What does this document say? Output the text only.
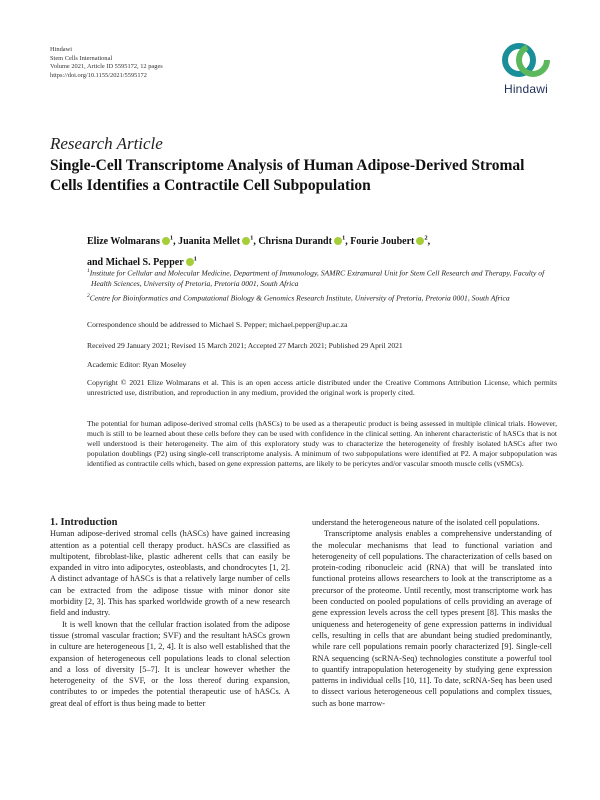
Hindawi
Stem Cells International
Volume 2021, Article ID 5595172, 12 pages
https://doi.org/10.1155/2021/5595172
Hindawi
Research Article
Single-Cell Transcriptome Analysis of Human Adipose-Derived Stromal Cells Identifies a Contractile Cell Subpopulation
Elize Wolmarans $^1$, Juanita Mellet $^1$, Chrisna Durandt $^1$, Fourie Joubert $^2$,
and Michael S. Pepper $^1$
$^1$Institute for Cellular and Molecular Medicine, Department of Immunology, SAMRC Extramural Unit for Stem Cell Research and Therapy, Faculty of Health Sciences, University of Pretoria, Pretoria 0001, South Africa
$^2$Centre for Bioinformatics and Computational Biology & Genomics Research Institute, University of Pretoria, Pretoria 0001, South Africa
Correspondence should be addressed to Michael S. Pepper; michael.pepper@up.ac.za
Received 29 January 2021; Revised 15 March 2021; Accepted 27 March 2021; Published 29 April 2021
Academic Editor: Ryan Moseley
Copyright © 2021 Elize Wolmarans et al. This is an open access article distributed under the Creative Commons Attribution License, which permits unrestricted use, distribution, and reproduction in any medium, provided the original work is properly cited.
The potential for human adipose-derived stromal cells (hASCs) to be used as a therapeutic product is being assessed in multiple clinical trials. However, much is still to be learned about these cells before they can be used with confidence in the clinical setting. An inherent characteristic of hASCs that is not well understood is their heterogeneity. The aim of this exploratory study was to characterize the heterogeneity of freshly isolated hASCs after two population doublings (P2) using single-cell transcriptome analysis. A minimum of two subpopulations were identified at P2. A major subpopulation was identified as contractile cells which, based on gene expression patterns, are likely to be pericytes and/or vascular smooth muscle cells (vSMCs).

1. Introduction

Human adipose-derived stromal cells (hASCs) have gained increasing attention as a potential cell therapy product. hASCs are classified as multipotent, fibroblast-like, plastic adherent cells that can easily be expanded in vitro into adipocytes, osteoblasts, and chondrocytes [1, 2]. A distinct advantage of hASCs is that a relatively large number of cells can be extracted from the adipose tissue with minor donor site morbidity [2, 3]. This has sparked worldwide growth of a new research field and industry.

It is well known that the cellular fraction isolated from the adipose tissue (stromal vascular fraction; SVF) and the resultant hASCs grown in culture are heterogeneous [1, 2, 4]. It is also well established that the expansion of heterogeneous cell populations leads to clonal selection and a loss of diversity [5–7]. It is unclear however whether the heterogeneity of the SVF, or the loss thereof during expansion, contributes to or impedes the potential therapeutic use of hASCs. A great deal of effort is thus being made to better

understand the heterogeneous nature of the isolated cell populations.

Transcriptome analysis enables a comprehensive understanding of the molecular mechanisms that lead to functional variation and heterogeneity of cell populations. The characterization of cells based on protein-coding ribonucleic acid (RNA) that will be translated into functional proteins allows researchers to look at the transcriptome as a precursor of the proteome. Until recently, most transcriptome work has been conducted on pooled populations of cells providing an average of gene expression levels across the cell types present [8]. This masks the uniqueness and heterogeneity of gene expression patterns in individual cells, resulting in cells that are abundant being studied predominantly, while rare cell populations remain poorly characterized [9]. Single-cell RNA sequencing (scRNA-Seq) technologies constitute a powerful tool to quantify intrapopulation heterogeneity by studying gene expression patterns in individual cells [10, 11]. To date, scRNA-Seq has been used to dissect various heterogeneous cell populations and complex tissues, such as bone marrow-
